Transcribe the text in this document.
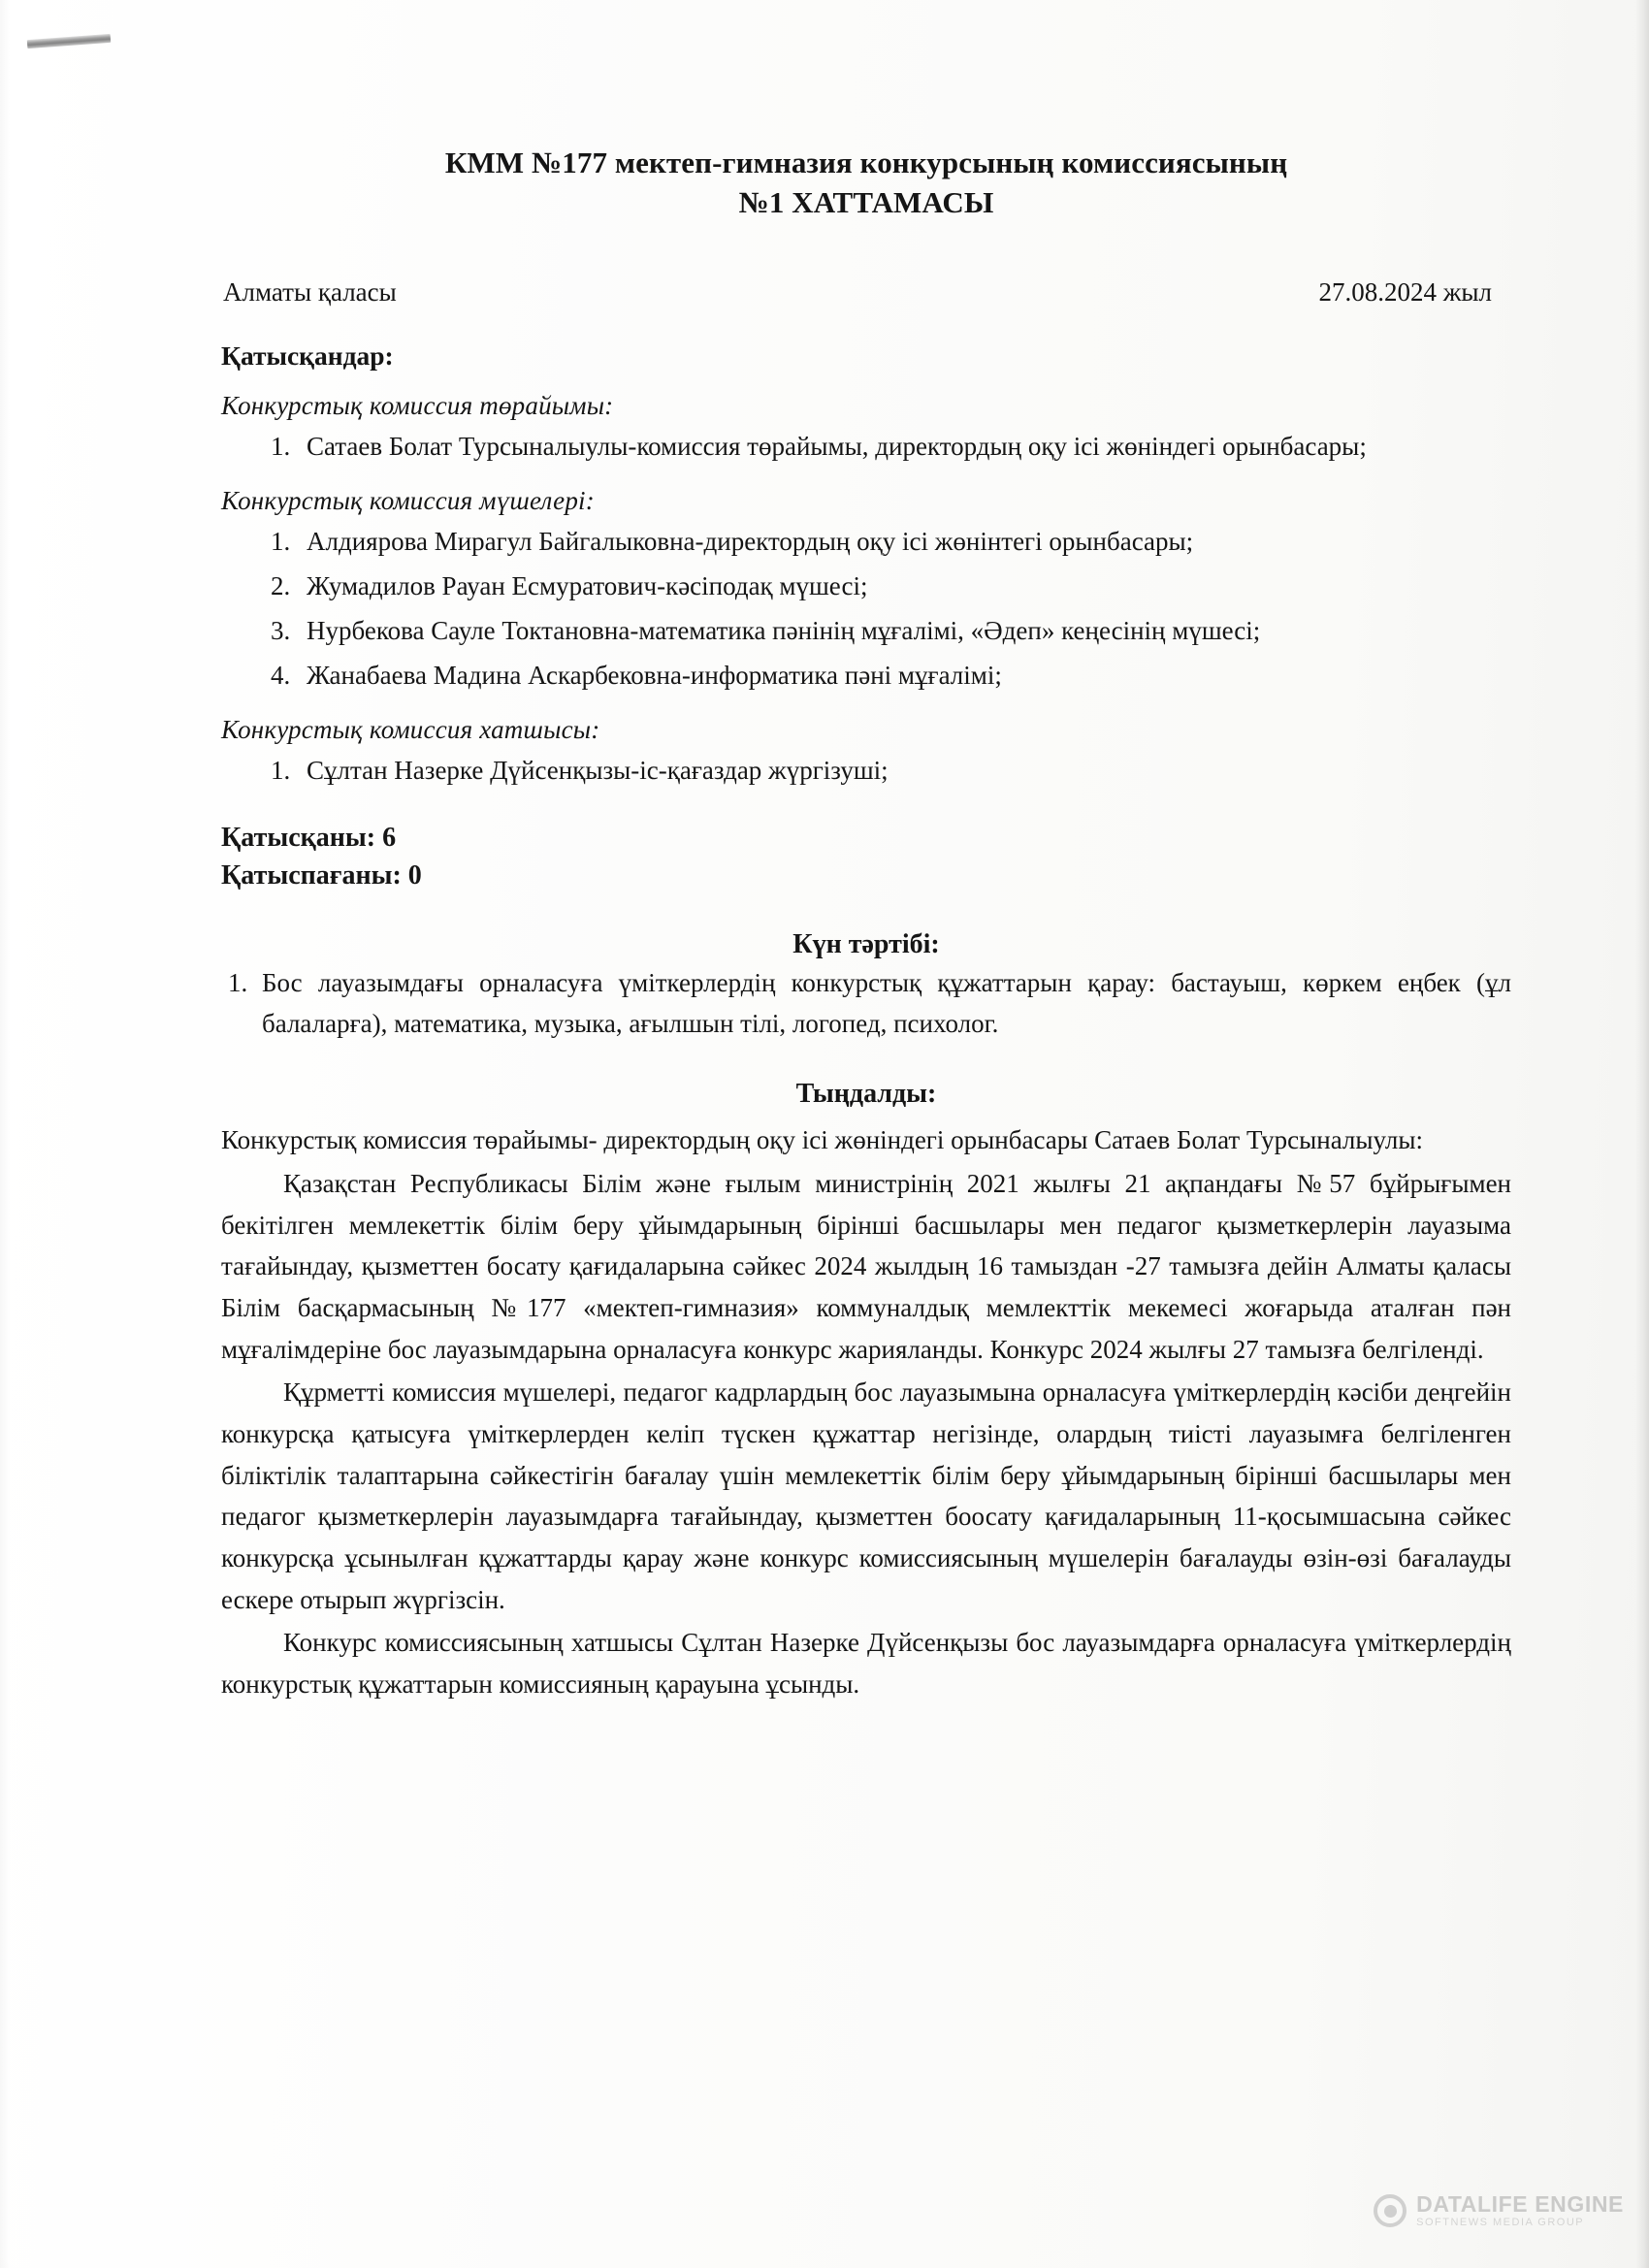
КММ №177 мектеп-гимназия конкурсының комиссиясының
№1 ХАТТАМАСЫ
Алматы қаласы	27.08.2024 жыл
Қатысқандар:
Конкурстық комиссия төрайымы:
1. Сатаев Болат Турсыналыулы-комиссия төрайымы, директордың оқу ісі жөніндегі орынбасары;
Конкурстық комиссия мүшелері:
1. Алдиярова Мирагул Байгалыковна-директордың оқу ісі жөнінтегі орынбасары;
2. Жумадилов Рауан Есмуратович-кәсіподақ мүшесі;
3. Нурбекова Сауле Токтановна-математика пәнінің мұғалімі, «Әдеп» кеңесінің мүшесі;
4. Жанабаева Мадина Аскарбековна-информатика пәні мұғалімі;
Конкурстық комиссия хатшысы:
1. Сұлтан Назерке Дүйсенқызы-іс-қағаздар жүргізуші;
Қатысқаны: 6
Қатыспағаны: 0
Күн тәртібі:
1. Бос лауазымдағы орналасуға үміткерлердің конкурстық құжаттарын қарау: бастауыш, көркем еңбек (ұл балаларға), математика, музыка, ағылшын тілі, логопед, психолог.
Тыңдалды:

Конкурстық комиссия төрайымы- директордың оқу ісі жөніндегі орынбасары Сатаев Болат Турсыналыулы:

Қазақстан Республикасы Білім және ғылым министрінің 2021 жылғы 21 ақпандағы №57 бұйрығымен бекітілген мемлекеттік білім беру ұйымдарының бірінші басшылары мен педагог қызметкерлерін лауазыма тағайындау, қызметтен босату қағидаларына сәйкес 2024 жылдың 16 тамыздан -27 тамызға дейін Алматы қаласы Білім басқармасының №177 «мектеп-гимназия» коммуналдық мемлекттік мекемесі жоғарыда аталған пән мұғалімдеріне бос лауазымдарына орналасуға конкурс жарияланды. Конкурс 2024 жылғы 27 тамызға белгіленді.

Құрметті комиссия мүшелері, педагог кадрлардың бос лауазымына орналасуға үміткерлердің кәсіби деңгейін конкурсқа қатысуға үміткерлерден келіп түскен құжаттар негізінде, олардың тиісті лауазымға белгіленген біліктілік талаптарына сәйкестігін бағалау үшін мемлекеттік білім беру ұйымдарының бірінші басшылары мен педагог қызметкерлерін лауазымдарға тағайындау, қызметтен боосату қағидаларының 11-қосымшасына сәйкес конкурсқа ұсынылған құжаттарды қарау және конкурс комиссиясының мүшелерін бағалауды өзін-өзі бағалауды ескере отырып жүргізсін.

Конкурс комиссиясының хатшысы Сұлтан Назерке Дүйсенқызы бос лауазымдарға орналасуға үміткерлердің конкурстық құжаттарын комиссияның қарауына ұсынды.

DATALIFE ENGINE
SOFTNEWS MEDIA GROUP
